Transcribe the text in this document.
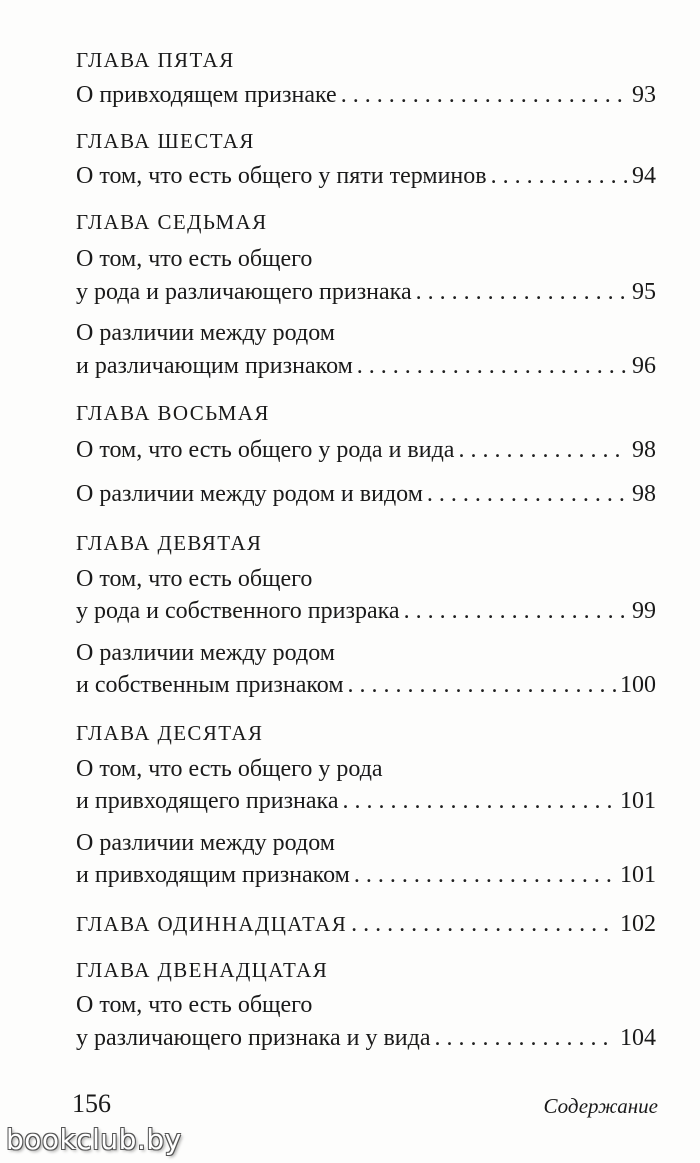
ГЛАВА ПЯТАЯ
О привходящем признаке . . .	93
ГЛАВА ШЕСТАЯ
О том, что есть общего у пяти терминов . . .	94
ГЛАВА СЕДЬМАЯ
О том, что есть общего
у рода и различающего признака . . .	95
О различии между родом
и различающим признаком . . .	96
ГЛАВА ВОСЬМАЯ
О том, что есть общего у рода и вида . . .	98
О различии между родом и видом . . .	98
ГЛАВА ДЕВЯТАЯ
О том, что есть общего
у рода и собственного призрака . . .	99
О различии между родом
и собственным признаком . . .	100
ГЛАВА ДЕСЯТАЯ
О том, что есть общего у рода
и привходящего признака . . .	101
О различии между родом
и привходящим признаком . . .	101
ГЛАВА ОДИННАДЦАТАЯ . . .	102
ГЛАВА ДВЕНАДЦАТАЯ
О том, что есть общего
у различающего признака и у вида . . .	104
156	Содержание
bookclub.by
